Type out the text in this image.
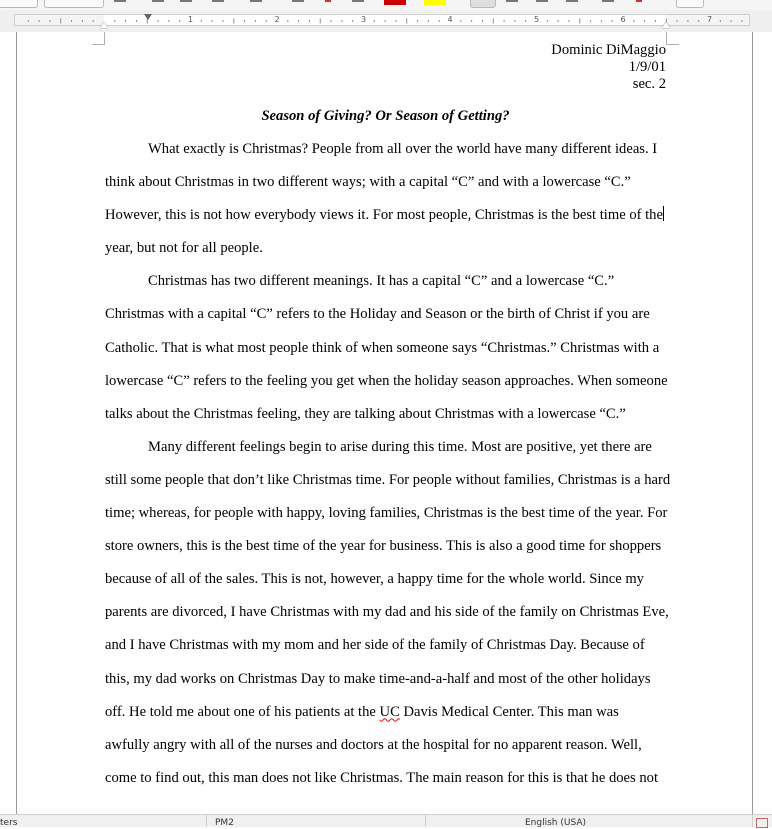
1	2	3	4	5	6	7
Dominic DiMaggio
1/9/01
sec. 2
Season of Giving? Or Season of Getting?
What exactly is Christmas? People from all over the world have many different ideas. I
think about Christmas in two different ways; with a capital “C” and with a lowercase “C.”
However, this is not how everybody views it. For most people, Christmas is the best time of the
year, but not for all people.
Christmas has two different meanings. It has a capital “C” and a lowercase “C.”
Christmas with a capital “C” refers to the Holiday and Season or the birth of Christ if you are
Catholic. That is what most people think of when someone says “Christmas.” Christmas with a
lowercase “C” refers to the feeling you get when the holiday season approaches. When someone
talks about the Christmas feeling, they are talking about Christmas with a lowercase “C.”
Many different feelings begin to arise during this time. Most are positive, yet there are
still some people that don’t like Christmas time. For people without families, Christmas is a hard
time; whereas, for people with happy, loving families, Christmas is the best time of the year. For
store owners, this is the best time of the year for business. This is also a good time for shoppers
because of all of the sales. This is not, however, a happy time for the whole world. Since my
parents are divorced, I have Christmas with my dad and his side of the family on Christmas Eve,
and I have Christmas with my mom and her side of the family of Christmas Day. Because of
this, my dad works on Christmas Day to make time-and-a-half and most of the other holidays
off. He told me about one of his patients at the UC Davis Medical Center. This man was
awfully angry with all of the nurses and doctors at the hospital for no apparent reason. Well,
come to find out, this man does not like Christmas. The main reason for this is that he does not
ters	PM2	English (USA)
